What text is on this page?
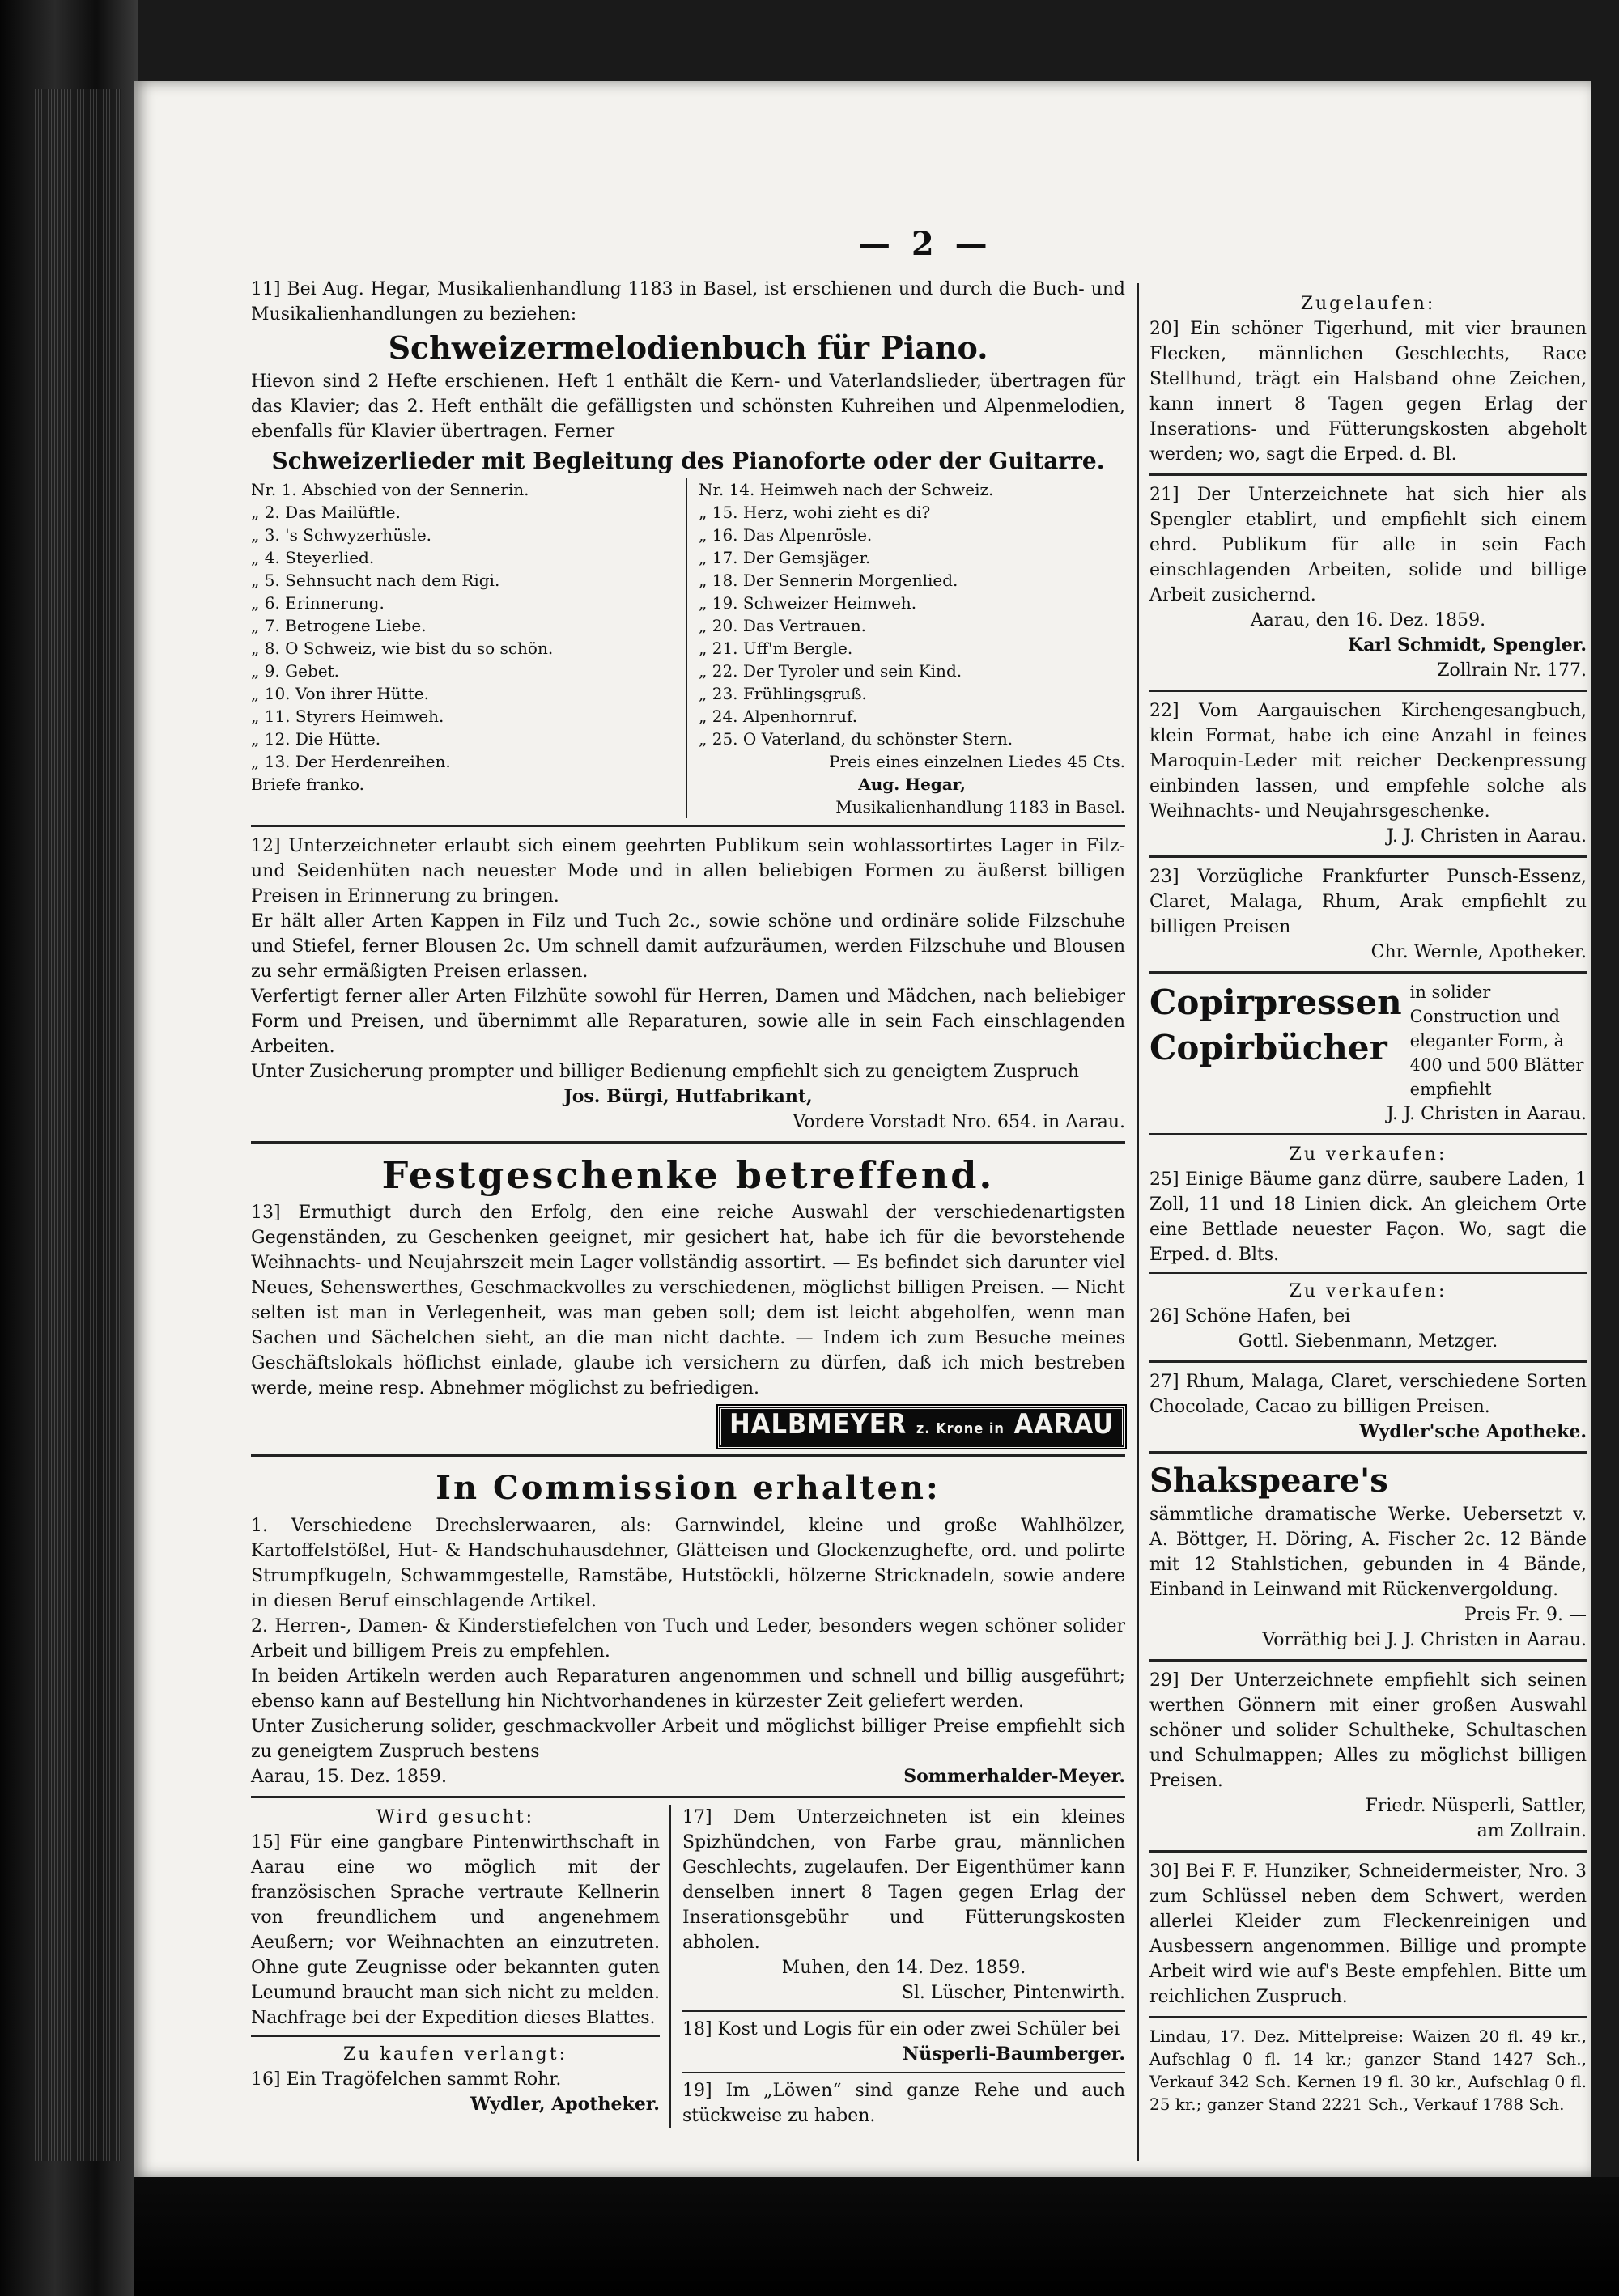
— 2 —

11] Bei Aug. Hegar, Musikalienhandlung 1183 in Basel, ist erschienen und durch die Buch- und Musikalienhandlungen zu beziehen:

Schweizermelodienbuch für Piano.

Hievon sind 2 Hefte erschienen. Heft 1 enthält die Kern- und Vaterlandslieder, übertragen für das Klavier; das 2. Heft enthält die gefälligsten und schönsten Kuhreihen und Alpenmelodien, ebenfalls für Klavier übertragen. Ferner

Schweizerlieder mit Begleitung des Pianoforte oder der Guitarre.
Nr. 1. Abschied von der Sennerin.
„ 2. Das Mailüftle.
„ 3. 's Schwyzerhüsle.
„ 4. Steyerlied.
„ 5. Sehnsucht nach dem Rigi.
„ 6. Erinnerung.
„ 7. Betrogene Liebe.
„ 8. O Schweiz, wie bist du so schön.
„ 9. Gebet.
„ 10. Von ihrer Hütte.
„ 11. Styrers Heimweh.
„ 12. Die Hütte.
„ 13. Der Herdenreihen.
Briefe franko.
Nr. 14. Heimweh nach der Schweiz.
„ 15. Herz, wohi zieht es di?
„ 16. Das Alpenröslе.
„ 17. Der Gemsjäger.
„ 18. Der Sennerin Morgenlied.
„ 19. Schweizer Heimweh.
„ 20. Das Vertrauen.
„ 21. Uff'm Bergle.
„ 22. Der Tyroler und sein Kind.
„ 23. Frühlingsgruß.
„ 24. Alpenhornruf.
„ 25. O Vaterland, du schönster Stern.
Preis eines einzelnen Liedes 45 Cts.
Aug. Hegar,
Musikalienhandlung 1183 in Basel.

12] Unterzeichneter erlaubt sich einem geehrten Publikum sein wohlassortirtes Lager in Filz- und Seidenhüten nach neuester Mode und in allen beliebigen Formen zu äußerst billigen Preisen in Erinnerung zu bringen.

Er hält aller Arten Kappen in Filz und Tuch 2c., sowie schöne und ordinäre solide Filzschuhe und Stiefel, ferner Blousen 2c. Um schnell damit aufzuräumen, werden Filzschuhe und Blousen zu sehr ermäßigten Preisen erlassen.

Verfertigt ferner aller Arten Filzhüte sowohl für Herren, Damen und Mädchen, nach beliebiger Form und Preisen, und übernimmt alle Reparaturen, sowie alle in sein Fach einschlagenden Arbeiten.

Unter Zusicherung prompter und billiger Bedienung empfiehlt sich zu geneigtem Zuspruch

Jos. Bürgi, Hutfabrikant,
Vordere Vorstadt Nro. 654. in Aarau.
Festgeschenke betreffend.

13] Ermuthigt durch den Erfolg, den eine reiche Auswahl der verschiedenartigsten Gegenständen, zu Geschenken geeignet, mir gesichert hat, habe ich für die bevorstehende Weihnachts- und Neujahrszeit mein Lager vollständig assortirt. — Es befindet sich darunter viel Neues, Sehenswerthes, Geschmackvolles zu verschiedenen, möglichst billigen Preisen. — Nicht selten ist man in Verlegenheit, was man geben soll; dem ist leicht abgeholfen, wenn man Sachen und Sächelchen sieht, an die man nicht dachte. — Indem ich zum Besuche meines Geschäftslokals höflichst einlade, glaube ich versichern zu dürfen, daß ich mich bestreben werde, meine resp. Abnehmer möglichst zu befriedigen.

HALBMEYER z. Krone in AARAU
In Commission erhalten:

1. Verschiedene Drechslerwaaren, als: Garnwindel, kleine und große Wahlhölzer, Kartoffelstößel, Hut- & Handschuhausdehner, Glätteisen und Glockenzughefte, ord. und polirte Strumpfkugeln, Schwammgestelle, Ramstäbe, Hutstöckli, hölzerne Stricknadeln, sowie andere in diesen Beruf einschlagende Artikel.

2. Herren-, Damen- & Kinderstiefelchen von Tuch und Leder, besonders wegen schöner solider Arbeit und billigem Preis zu empfehlen.

In beiden Artikeln werden auch Reparaturen angenommen und schnell und billig ausgeführt; ebenso kann auf Bestellung hin Nichtvorhandenes in kürzester Zeit geliefert werden.

Unter Zusicherung solider, geschmackvoller Arbeit und möglichst billiger Preise empfiehlt sich zu geneigtem Zuspruch bestens

Aarau, 15. Dez. 1859.	Sommerhalder-Meyer.
Wird gesucht:

15] Für eine gangbare Pintenwirthschaft in Aarau eine wo möglich mit der französischen Sprache vertraute Kellnerin von freundlichem und angenehmem Aeußern; vor Weihnachten an einzutreten. Ohne gute Zeugnisse oder bekannten guten Leumund braucht man sich nicht zu melden. Nachfrage bei der Expedition dieses Blattes.

Zu kaufen verlangt:

16] Ein Tragöfelchen sammt Rohr.

Wydler, Apotheker.

17] Dem Unterzeichneten ist ein kleines Spizhündchen, von Farbe grau, männlichen Geschlechts, zugelaufen. Der Eigenthümer kann denselben innert 8 Tagen gegen Erlag der Inserationsgebühr und Fütterungskosten abholen.

Muhen, den 14. Dez. 1859.
Sl. Lüscher, Pintenwirth.

18] Kost und Logis für ein oder zwei Schüler bei

Nüsperli-Baumberger.

19] Im „Löwen“ sind ganze Rehe und auch stückweise zu haben.

Zugelaufen:

20] Ein schöner Tigerhund, mit vier braunen Flecken, männlichen Geschlechts, Race Stellhund, trägt ein Halsband ohne Zeichen, kann innert 8 Tagen gegen Erlag der Inserations- und Fütterungskosten abgeholt werden; wo, sagt die Erped. d. Bl.

21] Der Unterzeichnete hat sich hier als Spengler etablirt, und empfiehlt sich einem ehrd. Publikum für alle in sein Fach einschlagenden Arbeiten, solide und billige Arbeit zusichernd.

Aarau, den 16. Dez. 1859.
Karl Schmidt, Spengler.
Zollrain Nr. 177.

22] Vom Aargauischen Kirchengesangbuch, klein Format, habe ich eine Anzahl in feines Maroquin-Leder mit reicher Deckenpressung einbinden lassen, und empfehle solche als Weihnachts- und Neujahrsgeschenke.

J. J. Christen in Aarau.

23] Vorzügliche Frankfurter Punsch-Essenz, Claret, Malaga, Rhum, Arak empfiehlt zu billigen Preisen

Chr. Wernle, Apotheker.
Copirpressen
Copirbücher
in solider Construction und eleganter Form, à 400 und 500 Blätter empfiehlt
J. J. Christen in Aarau.
Zu verkaufen:

25] Einige Bäume ganz dürre, saubere Laden, 1 Zoll, 11 und 18 Linien dick. An gleichem Orte eine Bettlade neuester Façon. Wo, sagt die Erped. d. Blts.

Zu verkaufen:

26] Schöne Hafen, bei

Gottl. Siebenmann, Metzger.

27] Rhum, Malaga, Claret, verschiedene Sorten Chocolade, Cacao zu billigen Preisen.

Wydler'sche Apotheke.
Shakspeare's

sämmtliche dramatische Werke. Uebersetzt v. A. Böttger, H. Döring, A. Fischer 2c. 12 Bände mit 12 Stahlstichen, gebunden in 4 Bände, Einband in Leinwand mit Rückenvergoldung.

Preis Fr. 9. —
Vorräthig bei J. J. Christen in Aarau.

29] Der Unterzeichnete empfiehlt sich seinen werthen Gönnern mit einer großen Auswahl schöner und solider Schultheke, Schultaschen und Schulmappen; Alles zu möglichst billigen Preisen.

Friedr. Nüsperli, Sattler,
am Zollrain.

30] Bei F. F. Hunziker, Schneidermeister, Nro. 3 zum Schlüssel neben dem Schwert, werden allerlei Kleider zum Fleckenreinigen und Ausbessern angenommen. Billige und prompte Arbeit wird wie auf's Beste empfehlen. Bitte um reichlichen Zuspruch.

Lindau, 17. Dez. Mittelpreise: Waizen 20 fl. 49 kr., Aufschlag 0 fl. 14 kr.; ganzer Stand 1427 Sch., Verkauf 342 Sch. Kernen 19 fl. 30 kr., Aufschlag 0 fl. 25 kr.; ganzer Stand 2221 Sch., Verkauf 1788 Sch.
